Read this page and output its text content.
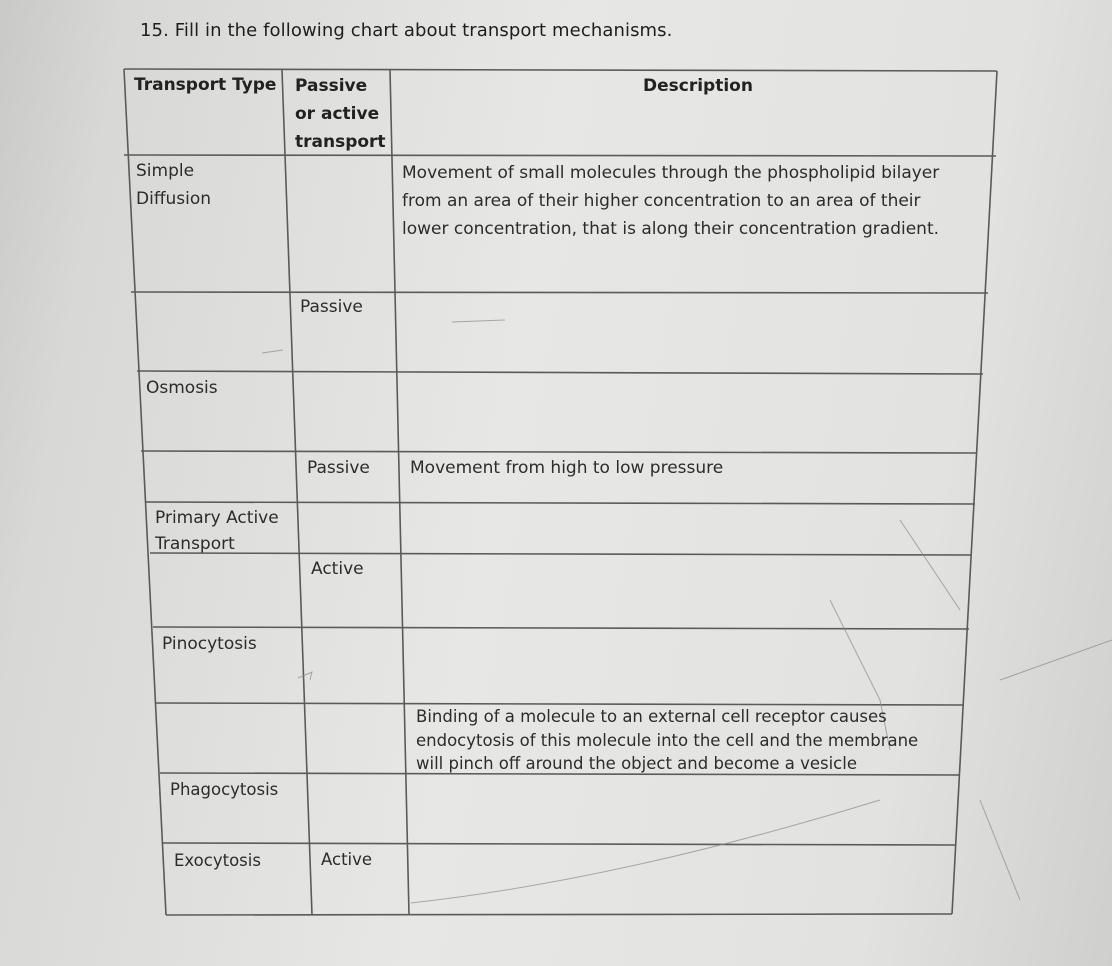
15. Fill in the following chart about transport mechanisms.
Transport Type Passive or active transport
Description
Simple Diffusion
Movement of small molecules through the phospholipid bilayer from an area of their higher concentration to an area of their lower concentration, that is along their concentration gradient.
Passive
Osmosis
Passive Movement from high to low pressure
Primary Active Transport
Active
Pinocytosis
Binding of a molecule to an external cell receptor causes endocytosis of this molecule into the cell and the membrane will pinch off around the object and become a vesicle
Phagocytosis
Exocytosis	Active
